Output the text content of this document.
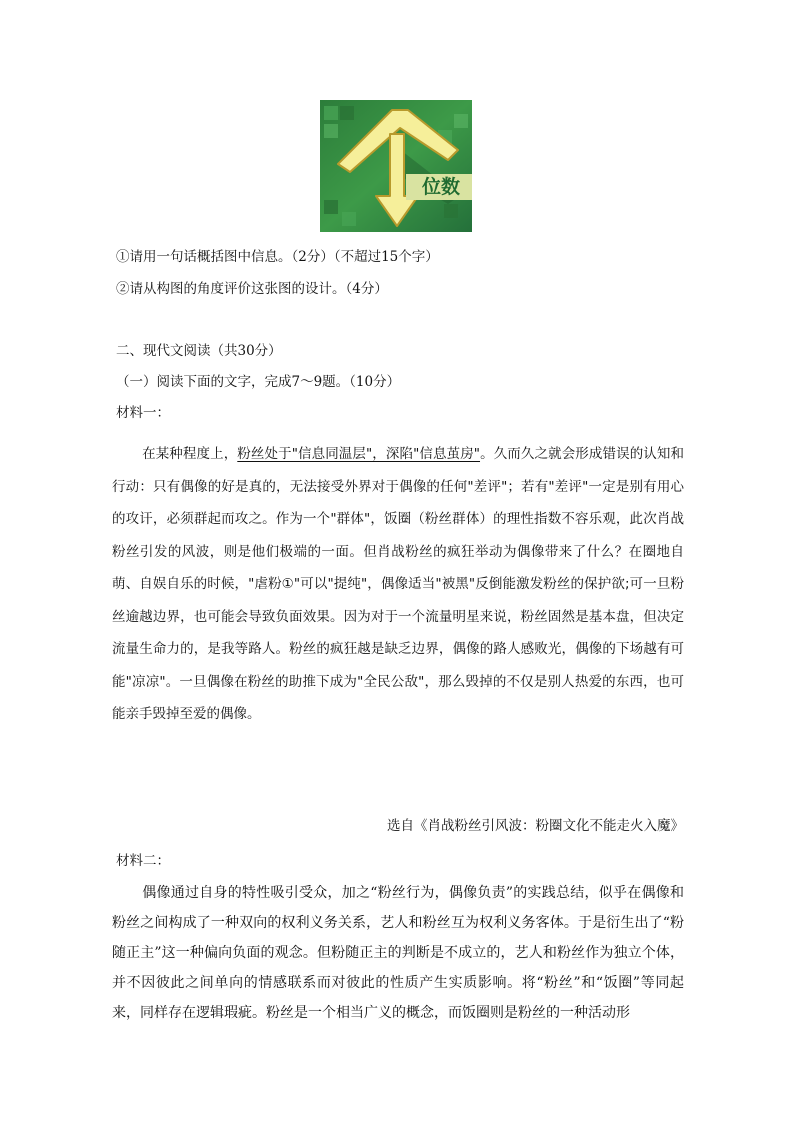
位数
①请用一句话概括图中信息。（2分）（不超过15个字）
②请从构图的角度评价这张图的设计。（4分）
二、现代文阅读（共30分）
（一）阅读下面的文字，完成7～9题。（10分）
材料一：
在某种程度上，粉丝处于"信息同温层"，深陷"信息茧房"。久而久之就会形成错误的认知和行动：只有偶像的好是真的，无法接受外界对于偶像的任何"差评"；若有"差评"一定是别有用心的攻讦，必须群起而攻之。作为一个"群体"，饭圈（粉丝群体）的理性指数不容乐观，此次肖战粉丝引发的风波，则是他们极端的一面。但肖战粉丝的疯狂举动为偶像带来了什么？在圈地自萌、自娱自乐的时候，"虐粉①"可以"提纯"，偶像适当"被黑"反倒能激发粉丝的保护欲;可一旦粉丝逾越边界，也可能会导致负面效果。因为对于一个流量明星来说，粉丝固然是基本盘，但决定流量生命力的，是我等路人。粉丝的疯狂越是缺乏边界，偶像的路人感败光，偶像的下场越有可能"凉凉"。一旦偶像在粉丝的助推下成为"全民公敌"，那么毁掉的不仅是别人热爱的东西，也可能亲手毁掉至爱的偶像。
选自《肖战粉丝引风波：粉圈文化不能走火入魔》
材料二：
偶像通过自身的特性吸引受众，加之“粉丝行为，偶像负责”的实践总结，似乎在偶像和粉丝之间构成了一种双向的权利义务关系，艺人和粉丝互为权利义务客体。于是衍生出了“粉随正主”这一种偏向负面的观念。但粉随正主的判断是不成立的，艺人和粉丝作为独立个体，并不因彼此之间单向的情感联系而对彼此的性质产生实质影响。将“粉丝”和“饭圈”等同起来，同样存在逻辑瑕疵。粉丝是一个相当广义的概念，而饭圈则是粉丝的一种活动形
